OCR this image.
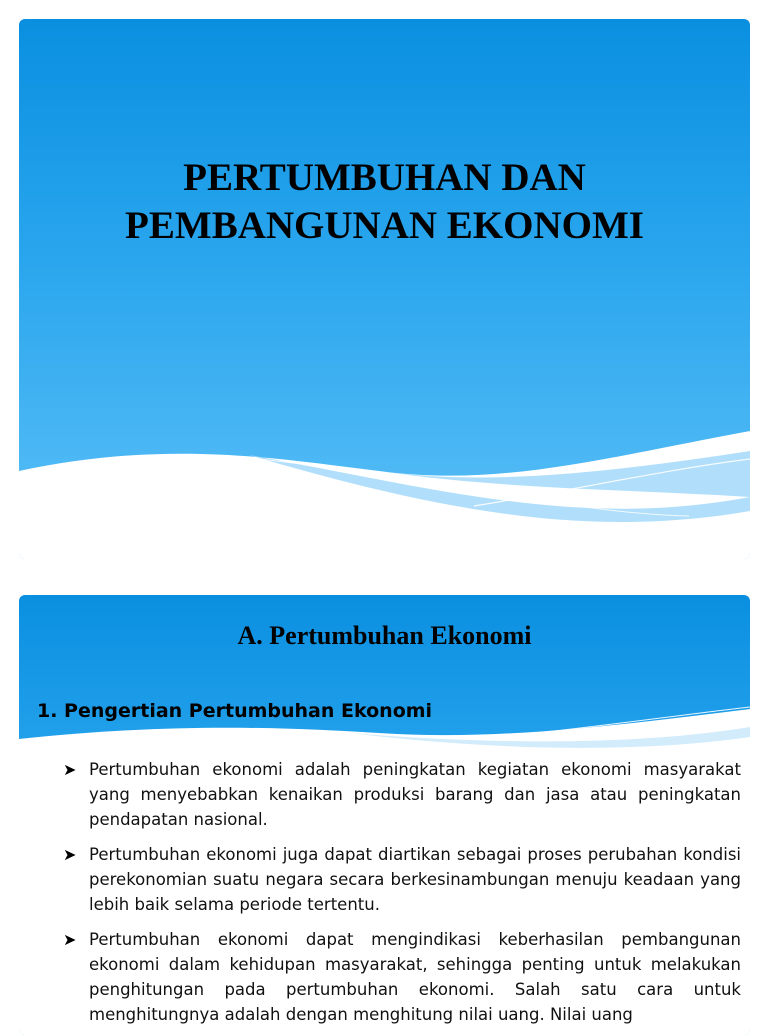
PERTUMBUHAN DAN
PEMBANGUNAN EKONOMI
A. Pertumbuhan Ekonomi
1. Pengertian Pertumbuhan Ekonomi
➤ Pertumbuhan ekonomi adalah peningkatan kegiatan ekonomi masyarakat yang menyebabkan kenaikan produksi barang dan jasa atau peningkatan pendapatan nasional.
➤ Pertumbuhan ekonomi juga dapat diartikan sebagai proses perubahan kondisi perekonomian suatu negara secara berkesinambungan menuju keadaan yang lebih baik selama periode tertentu.
➤ Pertumbuhan ekonomi dapat mengindikasi keberhasilan pembangunan ekonomi dalam kehidupan masyarakat, sehingga penting untuk melakukan penghitungan pada pertumbuhan ekonomi. Salah satu cara untuk menghitungnya adalah dengan menghitung nilai uang. Nilai uang
